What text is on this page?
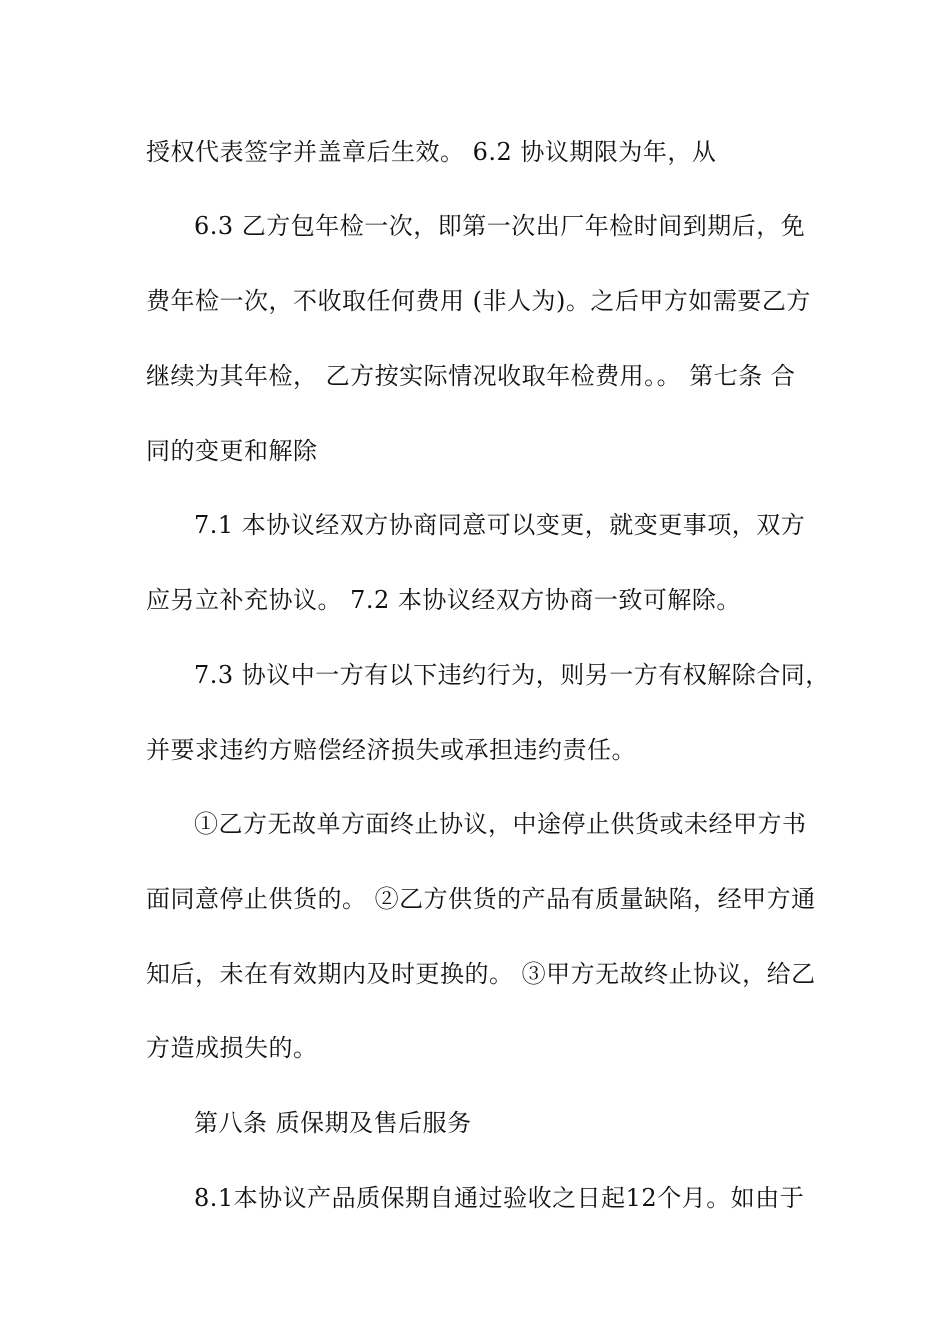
授权代表签字并盖章后生效。 6.2 协议期限为年，从
6.3 乙方包年检一次，即第一次出厂年检时间到期后，免
费年检一次，不收取任何费用 (非人为)。之后甲方如需要乙方
继续为其年检， 乙方按实际情况收取年检费用。。 第七条 合
同的变更和解除
7.1 本协议经双方协商同意可以变更，就变更事项，双方
应另立补充协议。 7.2 本协议经双方协商一致可解除。
7.3 协议中一方有以下违约行为，则另一方有权解除合同，
并要求违约方赔偿经济损失或承担违约责任。
①乙方无故单方面终止协议，中途停止供货或未经甲方书
面同意停止供货的。 ②乙方供货的产品有质量缺陷，经甲方通
知后，未在有效期内及时更换的。 ③甲方无故终止协议，给乙
方造成损失的。
第八条 质保期及售后服务
8.1本协议产品质保期自通过验收之日起12个月。如由于
